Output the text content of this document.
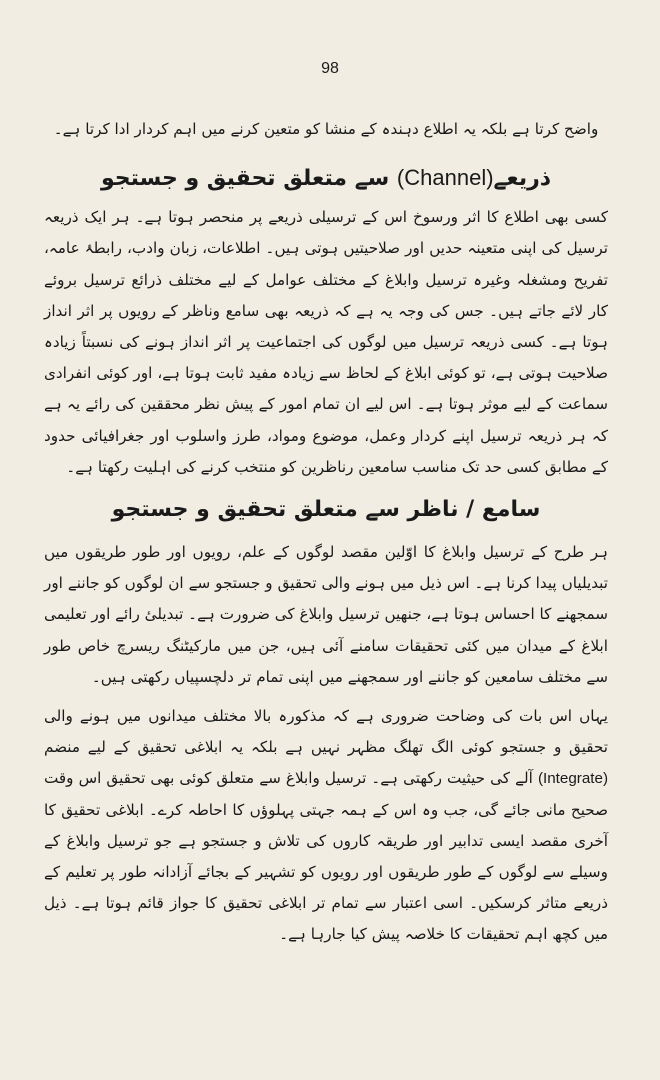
98

واضح کرتا ہے بلکہ یہ اطلاع دہندہ کے منشا کو متعین کرنے میں اہم کردار ادا کرتا ہے۔

ذریعے(Channel) سے متعلق تحقیق و جستجو

کسی بھی اطلاع کا اثر ورسوخ اس کے ترسیلی ذریعے پر منحصر ہوتا ہے۔ ہر ایک ذریعہ ترسیل کی اپنی متعینہ حدیں اور صلاحیتیں ہوتی ہیں۔ اطلاعات، زبان وادب، رابطۂ عامہ، تفریح ومشغلہ وغیرہ ترسیل وابلاغ کے مختلف عوامل کے لیے مختلف ذرائع ترسیل بروئے کار لائے جاتے ہیں۔ جس کی وجہ یہ ہے کہ ذریعہ بھی سامع وناظر کے رویوں پر اثر انداز ہوتا ہے۔ کسی ذریعہ ترسیل میں لوگوں کی اجتماعیت پر اثر انداز ہونے کی نسبتاً زیادہ صلاحیت ہوتی ہے، تو کوئی ابلاغ کے لحاظ سے زیادہ مفید ثابت ہوتا ہے، اور کوئی انفرادی سماعت کے لیے موثر ہوتا ہے۔ اس لیے ان تمام امور کے پیش نظر محققین کی رائے یہ ہے کہ ہر ذریعہ ترسیل اپنے کردار وعمل، موضوع ومواد، طرز واسلوب اور جغرافیائی حدود کے مطابق کسی حد تک مناسب سامعین رناظرین کو منتخب کرنے کی اہلیت رکھتا ہے۔

سامع / ناظر سے متعلق تحقیق و جستجو

ہر طرح کے ترسیل وابلاغ کا اوّلین مقصد لوگوں کے علم، رویوں اور طور طریقوں میں تبدیلیاں پیدا کرنا ہے۔ اس ذیل میں ہونے والی تحقیق و جستجو سے ان لوگوں کو جاننے اور سمجھنے کا احساس ہوتا ہے، جنھیں ترسیل وابلاغ کی ضرورت ہے۔ تبدیلیٔ رائے اور تعلیمی ابلاغ کے میدان میں کئی تحقیقات سامنے آئی ہیں، جن میں مارکیٹنگ ریسرچ خاص طور سے مختلف سامعین کو جاننے اور سمجھنے میں اپنی تمام تر دلچسپیاں رکھتی ہیں۔

یہاں اس بات کی وضاحت ضروری ہے کہ مذکورہ بالا مختلف میدانوں میں ہونے والی تحقیق و جستجو کوئی الگ تھلگ مظہر نہیں ہے بلکہ یہ ابلاغی تحقیق کے لیے منضم (Integrate) آلے کی حیثیت رکھتی ہے۔ ترسیل وابلاغ سے متعلق کوئی بھی تحقیق اس وقت صحیح مانی جائے گی، جب وہ اس کے ہمہ جہتی پہلوؤں کا احاطہ کرے۔ ابلاغی تحقیق کا آخری مقصد ایسی تدابیر اور طریقہ کاروں کی تلاش و جستجو ہے جو ترسیل وابلاغ کے وسیلے سے لوگوں کے طور طریقوں اور رویوں کو تشہیر کے بجائے آزادانہ طور پر تعلیم کے ذریعے متاثر کرسکیں۔ اسی اعتبار سے تمام تر ابلاغی تحقیق کا جواز قائم ہوتا ہے۔ ذیل میں کچھ اہم تحقیقات کا خلاصہ پیش کیا جارہا ہے۔
